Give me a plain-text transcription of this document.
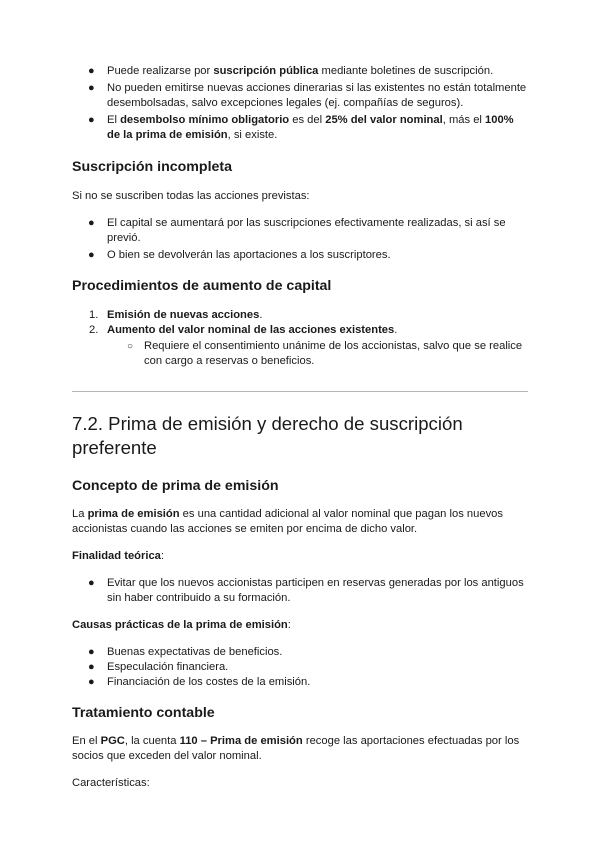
● Puede realizarse por suscripción pública mediante boletines de suscripción.
● No pueden emitirse nuevas acciones dinerarias si las existentes no están totalmente desembolsadas, salvo excepciones legales (ej. compañías de seguros).
● El desembolso mínimo obligatorio es del 25% del valor nominal, más el 100% de la prima de emisión, si existe.
Suscripción incompleta

Si no se suscriben todas las acciones previstas:

● El capital se aumentará por las suscripciones efectivamente realizadas, si así se previó.
● O bien se devolverán las aportaciones a los suscriptores.
Procedimientos de aumento de capital
1. Emisión de nuevas acciones.
2. Aumento del valor nominal de las acciones existentes.
○ Requiere el consentimiento unánime de los accionistas, salvo que se realice con cargo a reservas o beneficios.
7.2. Prima de emisión y derecho de suscripción preferente
Concepto de prima de emisión

La prima de emisión es una cantidad adicional al valor nominal que pagan los nuevos accionistas cuando las acciones se emiten por encima de dicho valor.

Finalidad teórica:

● Evitar que los nuevos accionistas participen en reservas generadas por los antiguos sin haber contribuido a su formación.

Causas prácticas de la prima de emisión:

● Buenas expectativas de beneficios.
● Especulación financiera.
● Financiación de los costes de la emisión.
Tratamiento contable

En el PGC, la cuenta 110 – Prima de emisión recoge las aportaciones efectuadas por los socios que exceden del valor nominal.

Características:
